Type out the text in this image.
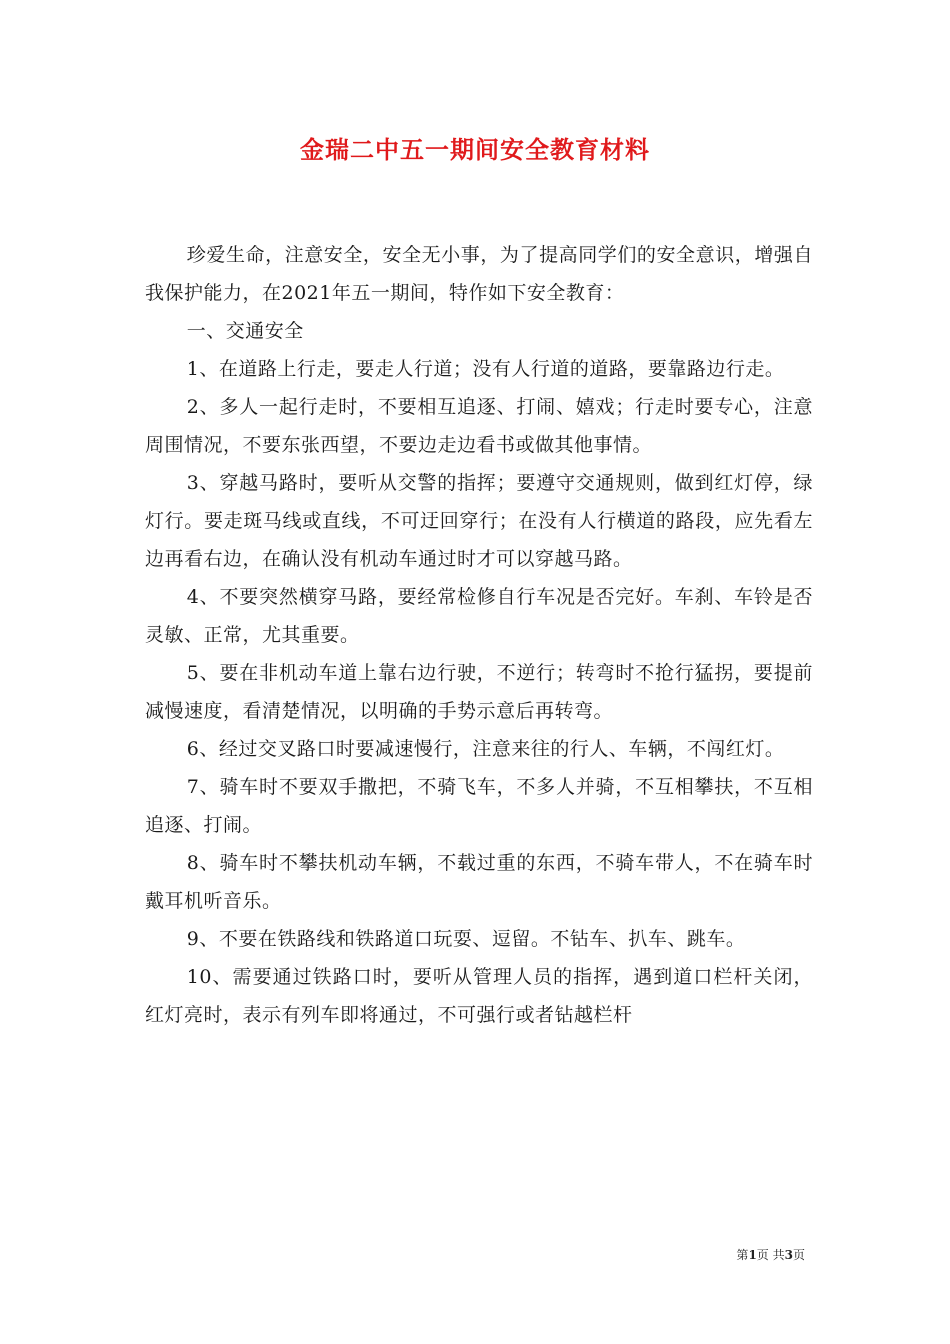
金瑞二中五一期间安全教育材料

珍爱生命，注意安全，安全无小事，为了提高同学们的安全意识，增强自我保护能力，在2021年五一期间，特作如下安全教育：

一、交通安全

1、在道路上行走，要走人行道；没有人行道的道路，要靠路边行走。

2、多人一起行走时，不要相互追逐、打闹、嬉戏；行走时要专心，注意周围情况，不要东张西望，不要边走边看书或做其他事情。

3、穿越马路时，要听从交警的指挥；要遵守交通规则，做到红灯停，绿灯行。要走斑马线或直线，不可迂回穿行；在没有人行横道的路段，应先看左边再看右边，在确认没有机动车通过时才可以穿越马路。

4、不要突然横穿马路，要经常检修自行车况是否完好。车刹、车铃是否灵敏、正常，尤其重要。

5、要在非机动车道上靠右边行驶，不逆行；转弯时不抢行猛拐，要提前减慢速度，看清楚情况，以明确的手势示意后再转弯。

6、经过交叉路口时要减速慢行，注意来往的行人、车辆，不闯红灯。

7、骑车时不要双手撒把，不骑飞车，不多人并骑，不互相攀扶，不互相追逐、打闹。

8、骑车时不攀扶机动车辆，不载过重的东西，不骑车带人，不在骑车时戴耳机听音乐。

9、不要在铁路线和铁路道口玩耍、逗留。不钻车、扒车、跳车。

10、需要通过铁路口时，要听从管理人员的指挥，遇到道口栏杆关闭，红灯亮时，表示有列车即将通过，不可强行或者钻越栏杆

第1页 共3页
